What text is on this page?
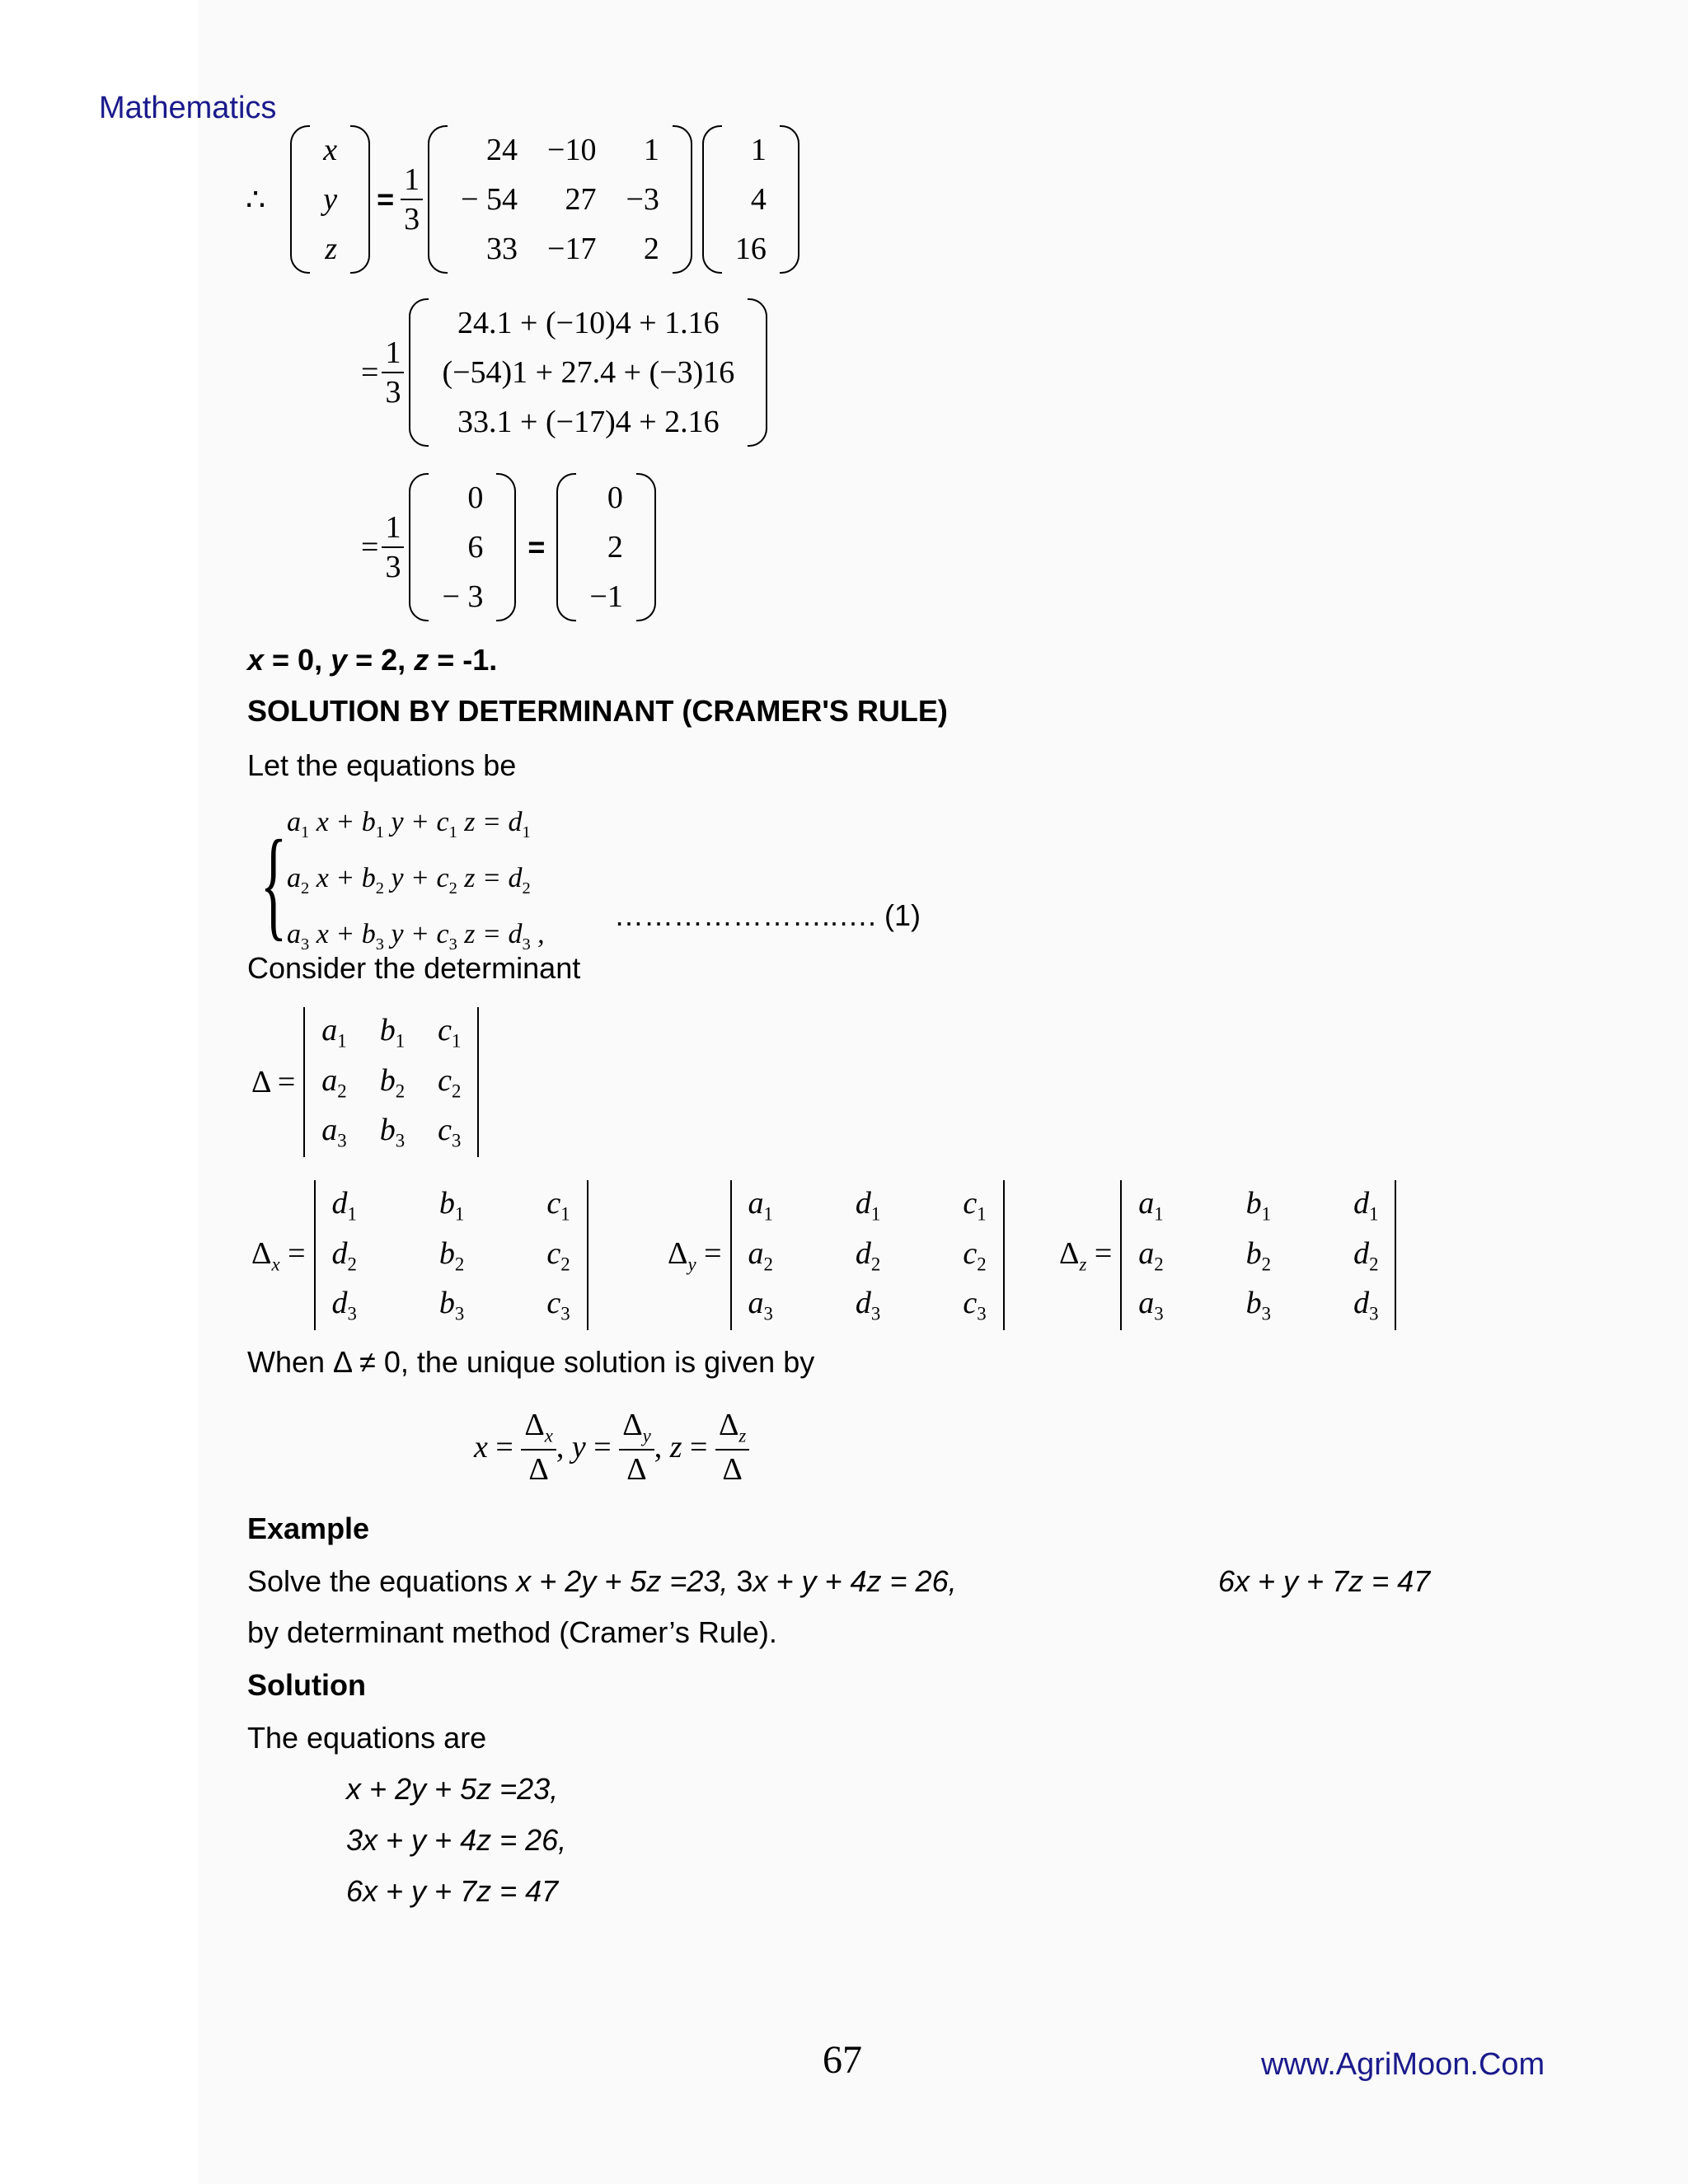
Mathematics
∴
x
y
z
= $\frac{1}{3}$
24	−10	1
− 54	27	−3
33	−17	2
1
4
16
= $\frac{1}{3}$
24.1 + (−10)4 + 1.16
(−54)1 + 27.4 + (−3)16
33.1 + (−17)4 + 2.16
= $\frac{1}{3}$
0
6
− 3
=
0
2
−1
x = 0, y = 2, z = -1.
SOLUTION BY DETERMINANT (CRAMER'S RULE)
Let the equations be
{ $a_1$ $x + b_1$ $y + c_1$ $z = d_1$
$a_2$ $x + b_2$ $y + c_2$ $z = d_2$
$a_3$ $x + b_3$ $y + c_3$ $z = d_3$ ,
…………………..…. (1)
Consider the determinant
Δ =
$a_1$	$b_1$	$c_1$
$a_2$	$b_2$	$c_2$
$a_3$	$b_3$	$c_3$
$\Delta_x$ =
$d_1$	$b_1$	$c_1$
$d_2$	$b_2$	$c_2$
$d_3$	$b_3$	$c_3$
$\Delta_y$ =
$a_1$	$d_1$	$c_1$
$a_2$	$d_2$	$c_2$
$a_3$	$d_3$	$c_3$
$\Delta_z$ =
$a_1$	$b_1$	$d_1$
$a_2$	$b_2$	$d_2$
$a_3$	$b_3$	$d_3$
When Δ ≠ 0, the unique solution is given by
$x = \frac{\Delta_x}{\Delta}$ , $y = \frac{\Delta_y}{\Delta}$ , $z = \frac{\Delta_z}{\Delta}$
Example
Solve the equations x + 2y + 5z =23, 3x + y + 4z = 26,	6x + y + 7z = 47
by determinant method (Cramer’s Rule).
Solution
The equations are
x + 2y + 5z =23,
3x + y + 4z = 26,
6x + y + 7z = 47
67	www.AgriMoon.Com
